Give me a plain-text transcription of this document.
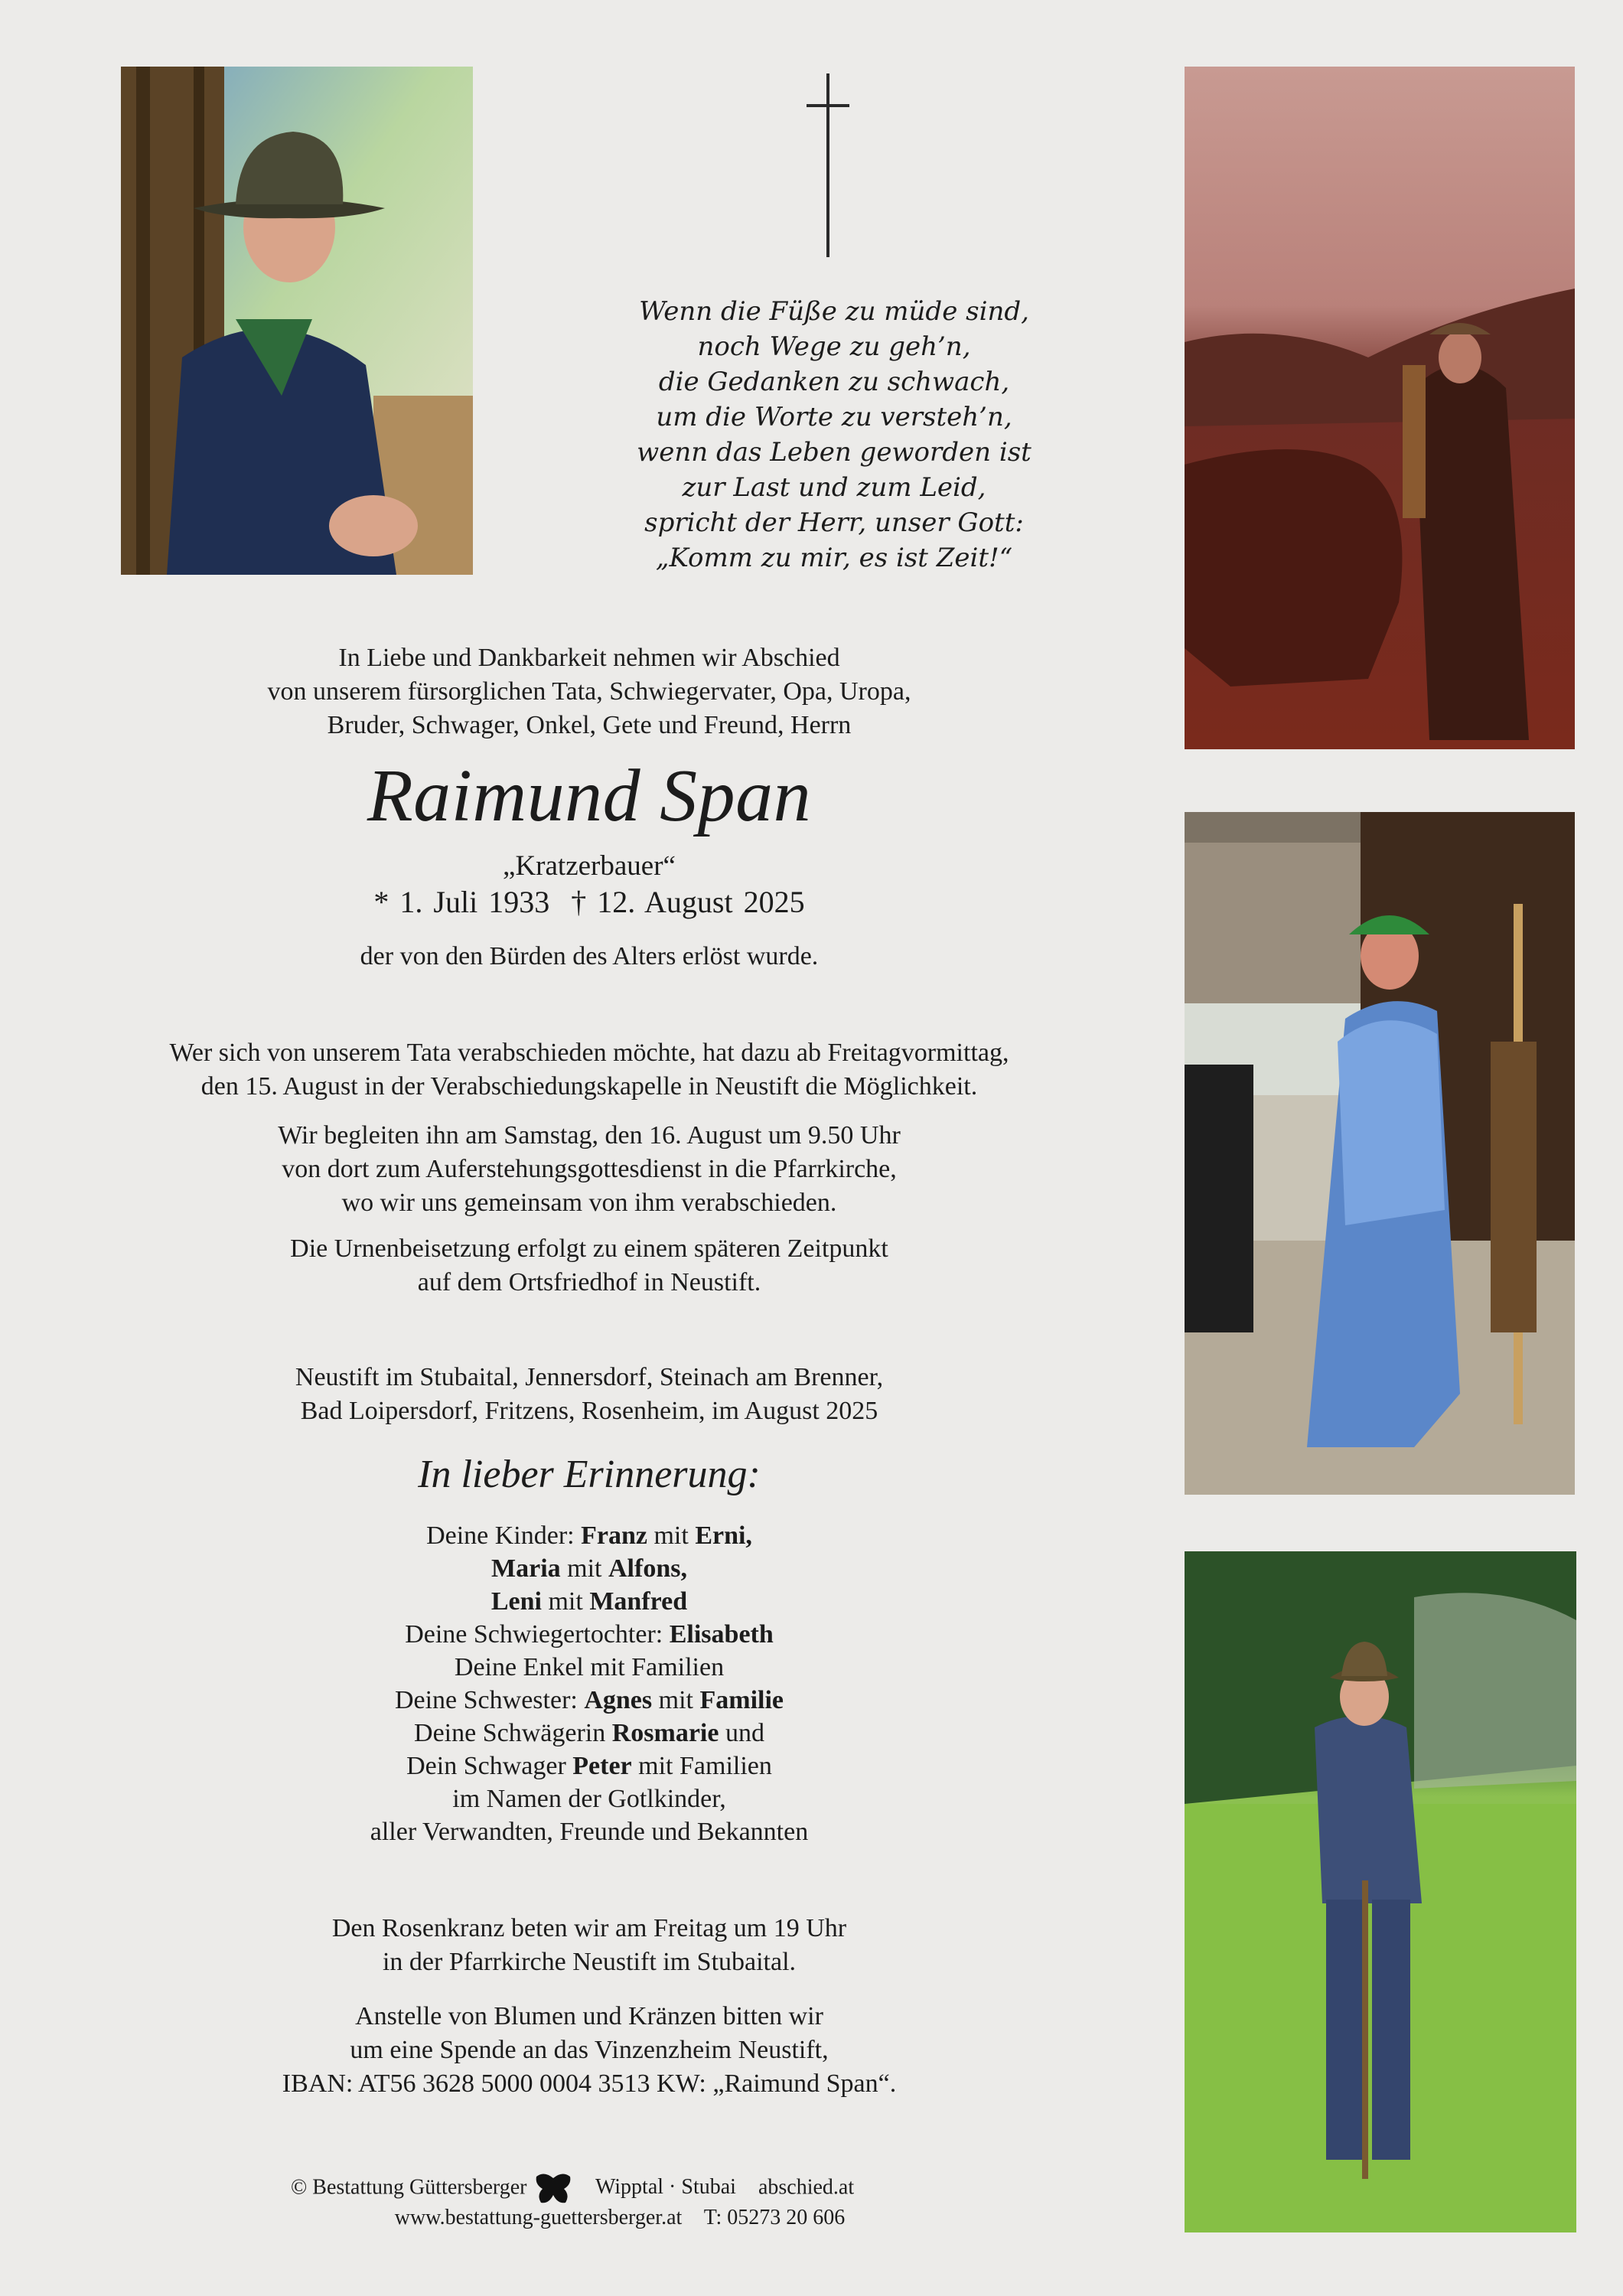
Wenn die Füße zu müde sind,
noch Wege zu geh’n,
die Gedanken zu schwach,
um die Worte zu versteh’n,
wenn das Leben geworden ist
zur Last und zum Leid,
spricht der Herr, unser Gott:
„Komm zu mir, es ist Zeit!“
In Liebe und Dankbarkeit nehmen wir Abschied
von unserem fürsorglichen Tata, Schwiegervater, Opa, Uropa,
Bruder, Schwager, Onkel, Gete und Freund, Herrn
Raimund Span
„Kratzerbauer“
* 1. Juli 1933 † 12. August 2025
der von den Bürden des Alters erlöst wurde.
Wer sich von unserem Tata verabschieden möchte, hat dazu ab Freitagvormittag,
den 15. August in der Verabschiedungskapelle in Neustift die Möglichkeit.
Wir begleiten ihn am Samstag, den 16. August um 9.50 Uhr
von dort zum Auferstehungsgottesdienst in die Pfarrkirche,
wo wir uns gemeinsam von ihm verabschieden.
Die Urnenbeisetzung erfolgt zu einem späteren Zeitpunkt
auf dem Ortsfriedhof in Neustift.
Neustift im Stubaital, Jennersdorf, Steinach am Brenner,
Bad Loipersdorf, Fritzens, Rosenheim, im August 2025
In lieber Erinnerung:
Deine Kinder: Franz mit Erni,
Maria mit Alfons,
Leni mit Manfred
Deine Schwiegertochter: Elisabeth
Deine Enkel mit Familien
Deine Schwester: Agnes mit Familie
Deine Schwägerin Rosmarie und
Dein Schwager Peter mit Familien
im Namen der Gotlkinder,
aller Verwandten, Freunde und Bekannten
Den Rosenkranz beten wir am Freitag um 19 Uhr
in der Pfarrkirche Neustift im Stubaital.
Anstelle von Blumen und Kränzen bitten wir
um eine Spende an das Vinzenzheim Neustift,
IBAN: AT56 3628 5000 0004 3513 KW: „Raimund Span“.
© Bestattung Güttersberger	Wipptal · Stubai abschied.at
www.bestattung-guettersberger.at T: 05273 20 606
